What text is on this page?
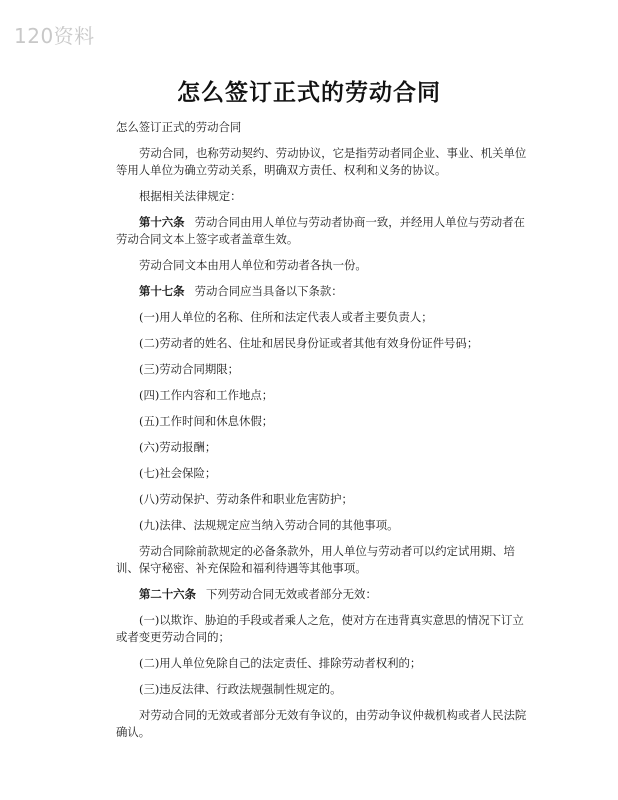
120资料
怎么签订正式的劳动合同

怎么签订正式的劳动合同

劳动合同，也称劳动契约、劳动协议，它是指劳动者同企业、事业、机关单位等用人单位为确立劳动关系，明确双方责任、权利和义务的协议。

根据相关法律规定：

第十六条 劳动合同由用人单位与劳动者协商一致，并经用人单位与劳动者在劳动合同文本上签字或者盖章生效。

劳动合同文本由用人单位和劳动者各执一份。

第十七条 劳动合同应当具备以下条款：

(一)用人单位的名称、住所和法定代表人或者主要负责人；

(二)劳动者的姓名、住址和居民身份证或者其他有效身份证件号码；

(三)劳动合同期限；

(四)工作内容和工作地点；

(五)工作时间和休息休假；

(六)劳动报酬；

(七)社会保险；

(八)劳动保护、劳动条件和职业危害防护；

(九)法律、法规规定应当纳入劳动合同的其他事项。

劳动合同除前款规定的必备条款外，用人单位与劳动者可以约定试用期、培训、保守秘密、补充保险和福利待遇等其他事项。

第二十六条 下列劳动合同无效或者部分无效：

(一)以欺诈、胁迫的手段或者乘人之危，使对方在违背真实意思的情况下订立或者变更劳动合同的；

(二)用人单位免除自己的法定责任、排除劳动者权利的；

(三)违反法律、行政法规强制性规定的。

对劳动合同的无效或者部分无效有争议的，由劳动争议仲裁机构或者人民法院确认。
